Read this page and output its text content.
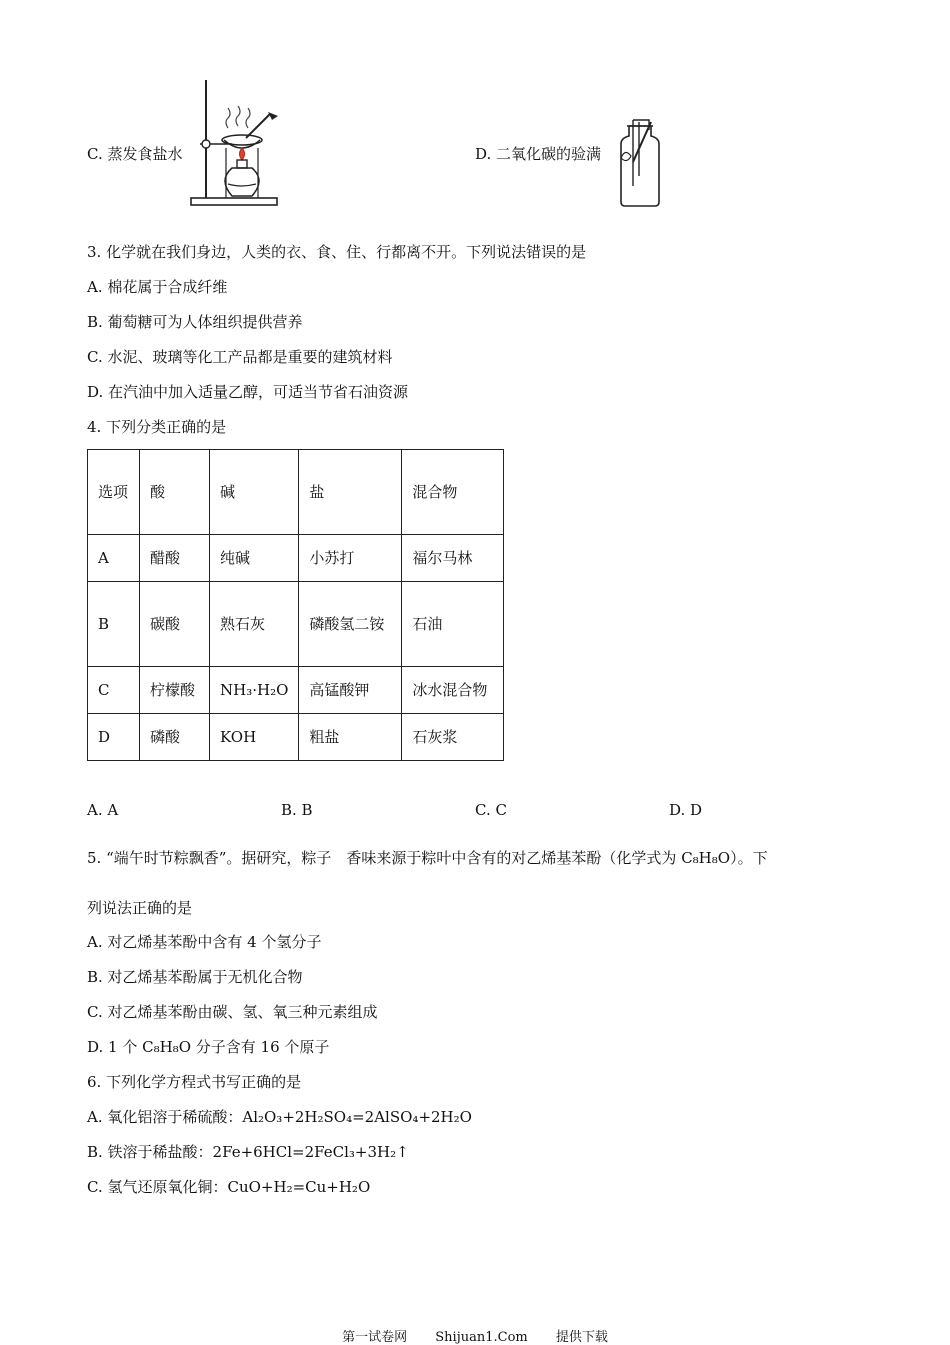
C. 蒸发食盐水	D. 二氧化碳的验满
3. 化学就在我们身边，人类的衣、食、住、行都离不开。下列说法错误的是
A. 棉花属于合成纤维
B. 葡萄糖可为人体组织提供营养
C. 水泥、玻璃等化工产品都是重要的建筑材料
D. 在汽油中加入适量乙醇，可适当节省石油资源
4. 下列分类正确的是
选项	酸	碱	盐	混合物
A	醋酸	纯碱	小苏打	福尔马林
B	碳酸	熟石灰	磷酸氢二铵	石油
C	柠檬酸	NH₃·H₂O	高锰酸钾	冰水混合物
D	磷酸	KOH	粗盐	石灰浆
A. A	B. B	C. C	D. D
5. “端午时节粽飘香”。据研究，粽子　香味来源于粽叶中含有的对乙烯基苯酚（化学式为 C₈H₈O）。下
列说法正确的是
A. 对乙烯基苯酚中含有 4 个氢分子
B. 对乙烯基苯酚属于无机化合物
C. 对乙烯基苯酚由碳、氢、氧三种元素组成
D. 1 个 C₈H₈O 分子含有 16 个原子
6. 下列化学方程式书写正确的是
A. 氧化铝溶于稀硫酸：Al₂O₃+2H₂SO₄=2AlSO₄+2H₂O
B. 铁溶于稀盐酸：2Fe+6HCl=2FeCl₃+3H₂↑
C. 氢气还原氧化铜：CuO+H₂=Cu+H₂O
第一试卷网 Shijuan1.Com 提供下载
